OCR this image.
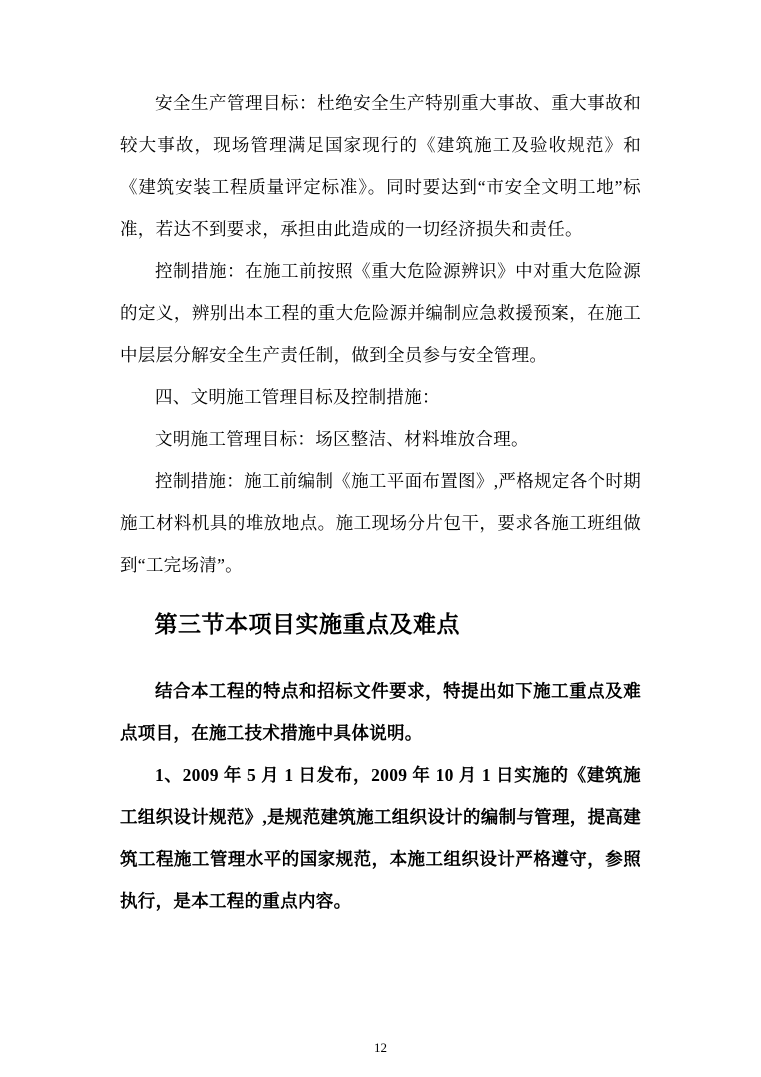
安全生产管理目标：杜绝安全生产特别重大事故、重大事故和较大事故，现场管理满足国家现行的《建筑施工及验收规范》和《建筑安装工程质量评定标准》。同时要达到“市安全文明工地”标准，若达不到要求，承担由此造成的一切经济损失和责任。

控制措施：在施工前按照《重大危险源辨识》中对重大危险源的定义，辨别出本工程的重大危险源并编制应急救援预案，在施工中层层分解安全生产责任制，做到全员参与安全管理。

四、文明施工管理目标及控制措施：

文明施工管理目标：场区整洁、材料堆放合理。

控制措施：施工前编制《施工平面布置图》,严格规定各个时期施工材料机具的堆放地点。施工现场分片包干，要求各施工班组做到“工完场清”。

第三节本项目实施重点及难点

结合本工程的特点和招标文件要求，特提出如下施工重点及难点项目，在施工技术措施中具体说明。

1、2009 年 5 月 1 日发布，2009 年 10 月 1 日实施的《建筑施工组织设计规范》,是规范建筑施工组织设计的编制与管理，提高建筑工程施工管理水平的国家规范，本施工组织设计严格遵守，参照执行，是本工程的重点内容。

12
